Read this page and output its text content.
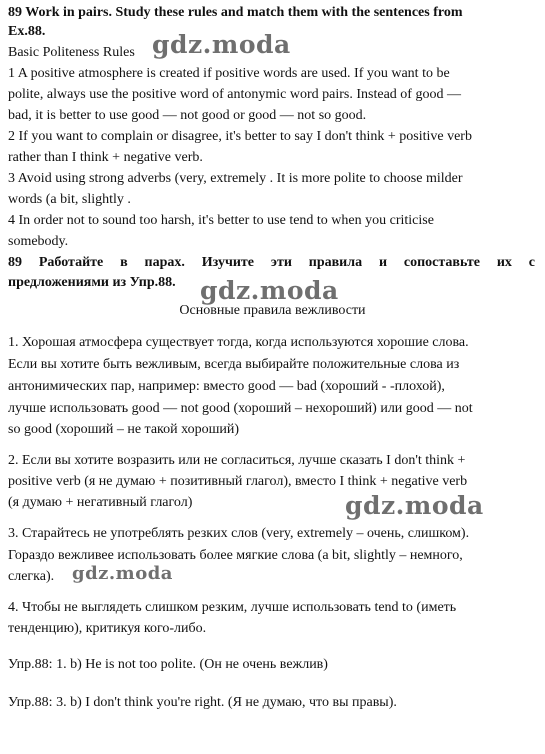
89 Work in pairs. Study these rules and match them with the sentences from
Ex.88.
Basic Politeness Rules
1 A positive atmosphere is created if positive words are used. If you want to be
polite, always use the positive word of antonymic word pairs. Instead of good —
bad, it is better to use good — not good or good — not so good.
2 If you want to complain or disagree, it's better to say I don't think + positive verb
rather than I think + negative verb.
3 Avoid using strong adverbs (very, extremely . It is more polite to choose milder
words (a bit, slightly .
4 In order not to sound too harsh, it's better to use tend to when you criticise
somebody.
89 Работайте в парах. Изучите эти правила и сопоставьте их с
предложениями из Упр.88.
Основные правила вежливости
1. Хорошая атмосфера существует тогда, когда используются хорошие слова.
Если вы хотите быть вежливым, всегда выбирайте положительные слова из
антонимических пар, например: вместо good — bad (хороший - -плохой),
лучше использовать good — not good (хороший – нехороший) или good — not
so good (хороший – не такой хороший)
2. Если вы хотите возразить или не согласиться, лучше сказать I don't think +
positive verb (я не думаю + позитивный глагол), вместо I think + negative verb
(я думаю + негативный глагол)
3. Старайтесь не употреблять резких слов (very, extremely – очень, слишком).
Гораздо вежливее использовать более мягкие слова (a bit, slightly – немного,
слегка).
4. Чтобы не выглядеть слишком резким, лучше использовать tend to (иметь
тенденцию), критикуя кого-либо.
Упр.88: 1. b) He is not too polite. (Он не очень вежлив)
Упр.88: 3. b) I don't think you're right. (Я не думаю, что вы правы).
gdz.moda
gdz.moda
gdz.moda
gdz.moda
